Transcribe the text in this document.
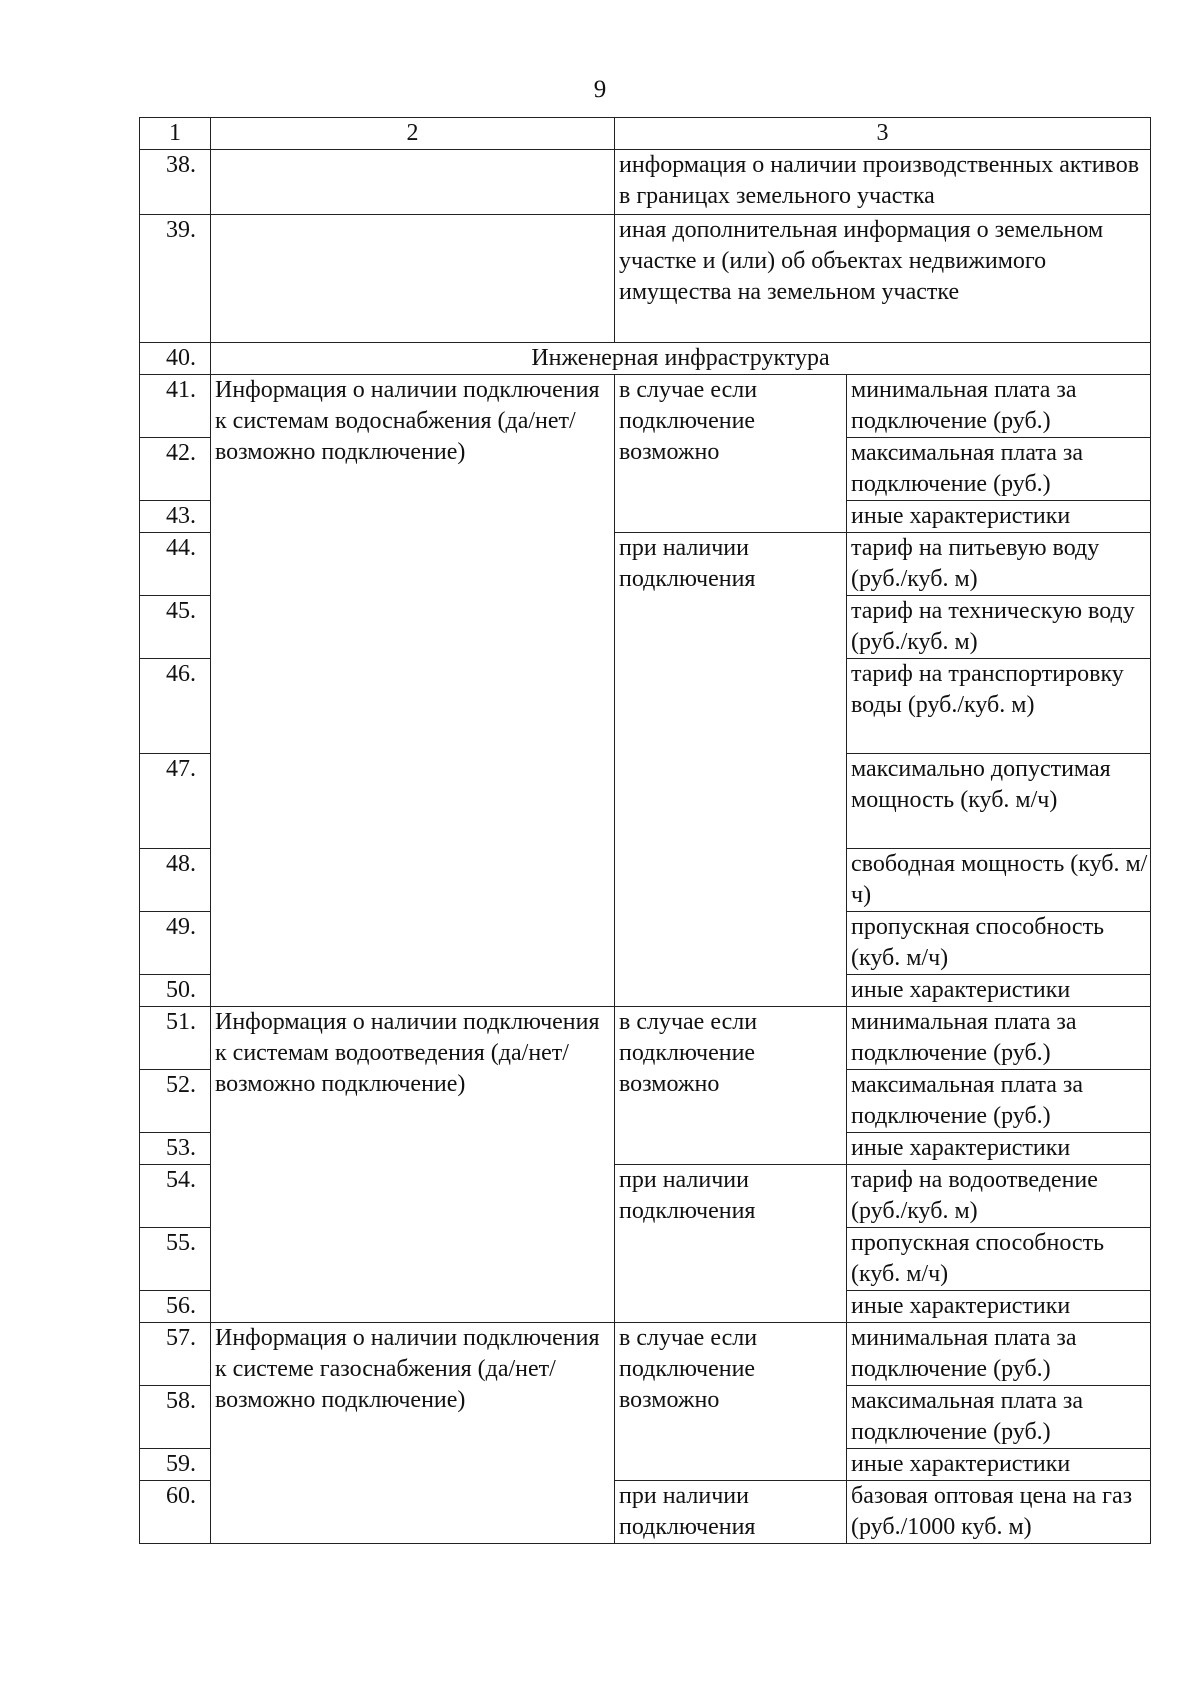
9
1	2	3	
38.		информация о наличии производственных активов в границах земельного участка	
39.		иная дополнительная информация о земельном участке и (или) об объектах недвижимого имущества на земельном участке	
40.	Инженерная инфраструктура		
41.	Информация о наличии подключения к системам водоснабжения (да/нет/возможно подключение)	в случае если подключение возможно	минимальная плата за подключение (руб.)
42.			максимальная плата за подключение (руб.)
43.			иные характеристики
44.		при наличии подключения	тариф на питьевую воду (руб./куб. м)
45.			тариф на техническую воду (руб./куб. м)
46.			тариф на транспортировку воды (руб./куб. м)
47.			максимально допустимая мощность (куб. м/ч)
48.			свободная мощность (куб. м/ч)
49.			пропускная способность (куб. м/ч)
50.			иные характеристики
51.	Информация о наличии подключения к системам водоотведения (да/нет/возможно подключение)	в случае если подключение возможно	минимальная плата за подключение (руб.)
52.			максимальная плата за подключение (руб.)
53.			иные характеристики
54.		при наличии подключения	тариф на водоотведение (руб./куб. м)
55.			пропускная способность (куб. м/ч)
56.			иные характеристики
57.	Информация о наличии подключения к системе газоснабжения (да/нет/возможно подключение)	в случае если подключение возможно	минимальная плата за подключение (руб.)
58.			максимальная плата за подключение (руб.)
59.			иные характеристики
60.		при наличии подключения	базовая оптовая цена на газ (руб./1000 куб. м)
